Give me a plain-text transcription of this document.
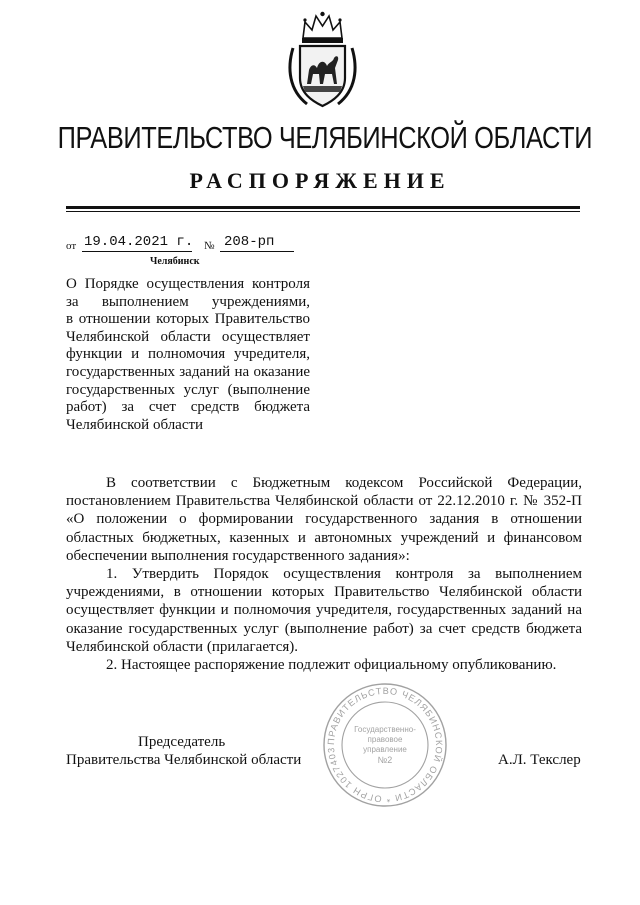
ПРАВИТЕЛЬСТВО ЧЕЛЯБИНСКОЙ ОБЛАСТИ
РАСПОРЯЖЕНИЕ
от 19.04.2021 г. № 208-рп
Челябинск
О Порядке осуществления контроля
за выполнением учреждениями,
в отношении которых Правительство
Челябинской области осуществляет
функции и полномочия учредителя,
государственных заданий на оказание
государственных услуг (выполнение
работ) за счет средств бюджета
Челябинской области
В соответствии с Бюджетным кодексом Российской Федерации,
постановлением Правительства Челябинской области от 22.12.2010 г. № 352-П
«О положении о формировании государственного задания в отношении
областных бюджетных, казенных и автономных учреждений и финансовом
обеспечении выполнения государственного задания»:
1. Утвердить Порядок осуществления контроля за выполнением
учреждениями, в отношении которых Правительство Челябинской области
осуществляет функции и полномочия учредителя, государственных заданий на
оказание государственных услуг (выполнение работ) за счет средств бюджета
Челябинской области (прилагается).
2. Настоящее распоряжение подлежит официальному опубликованию.
ПРАВИТЕЛЬСТВО ЧЕЛЯБИНСКОЙ ОБЛАСТИ * ОГРН 1027403
Государственно-
правовое
управление
№2
Председатель
Правительства Челябинской области	А.Л. Текслер
